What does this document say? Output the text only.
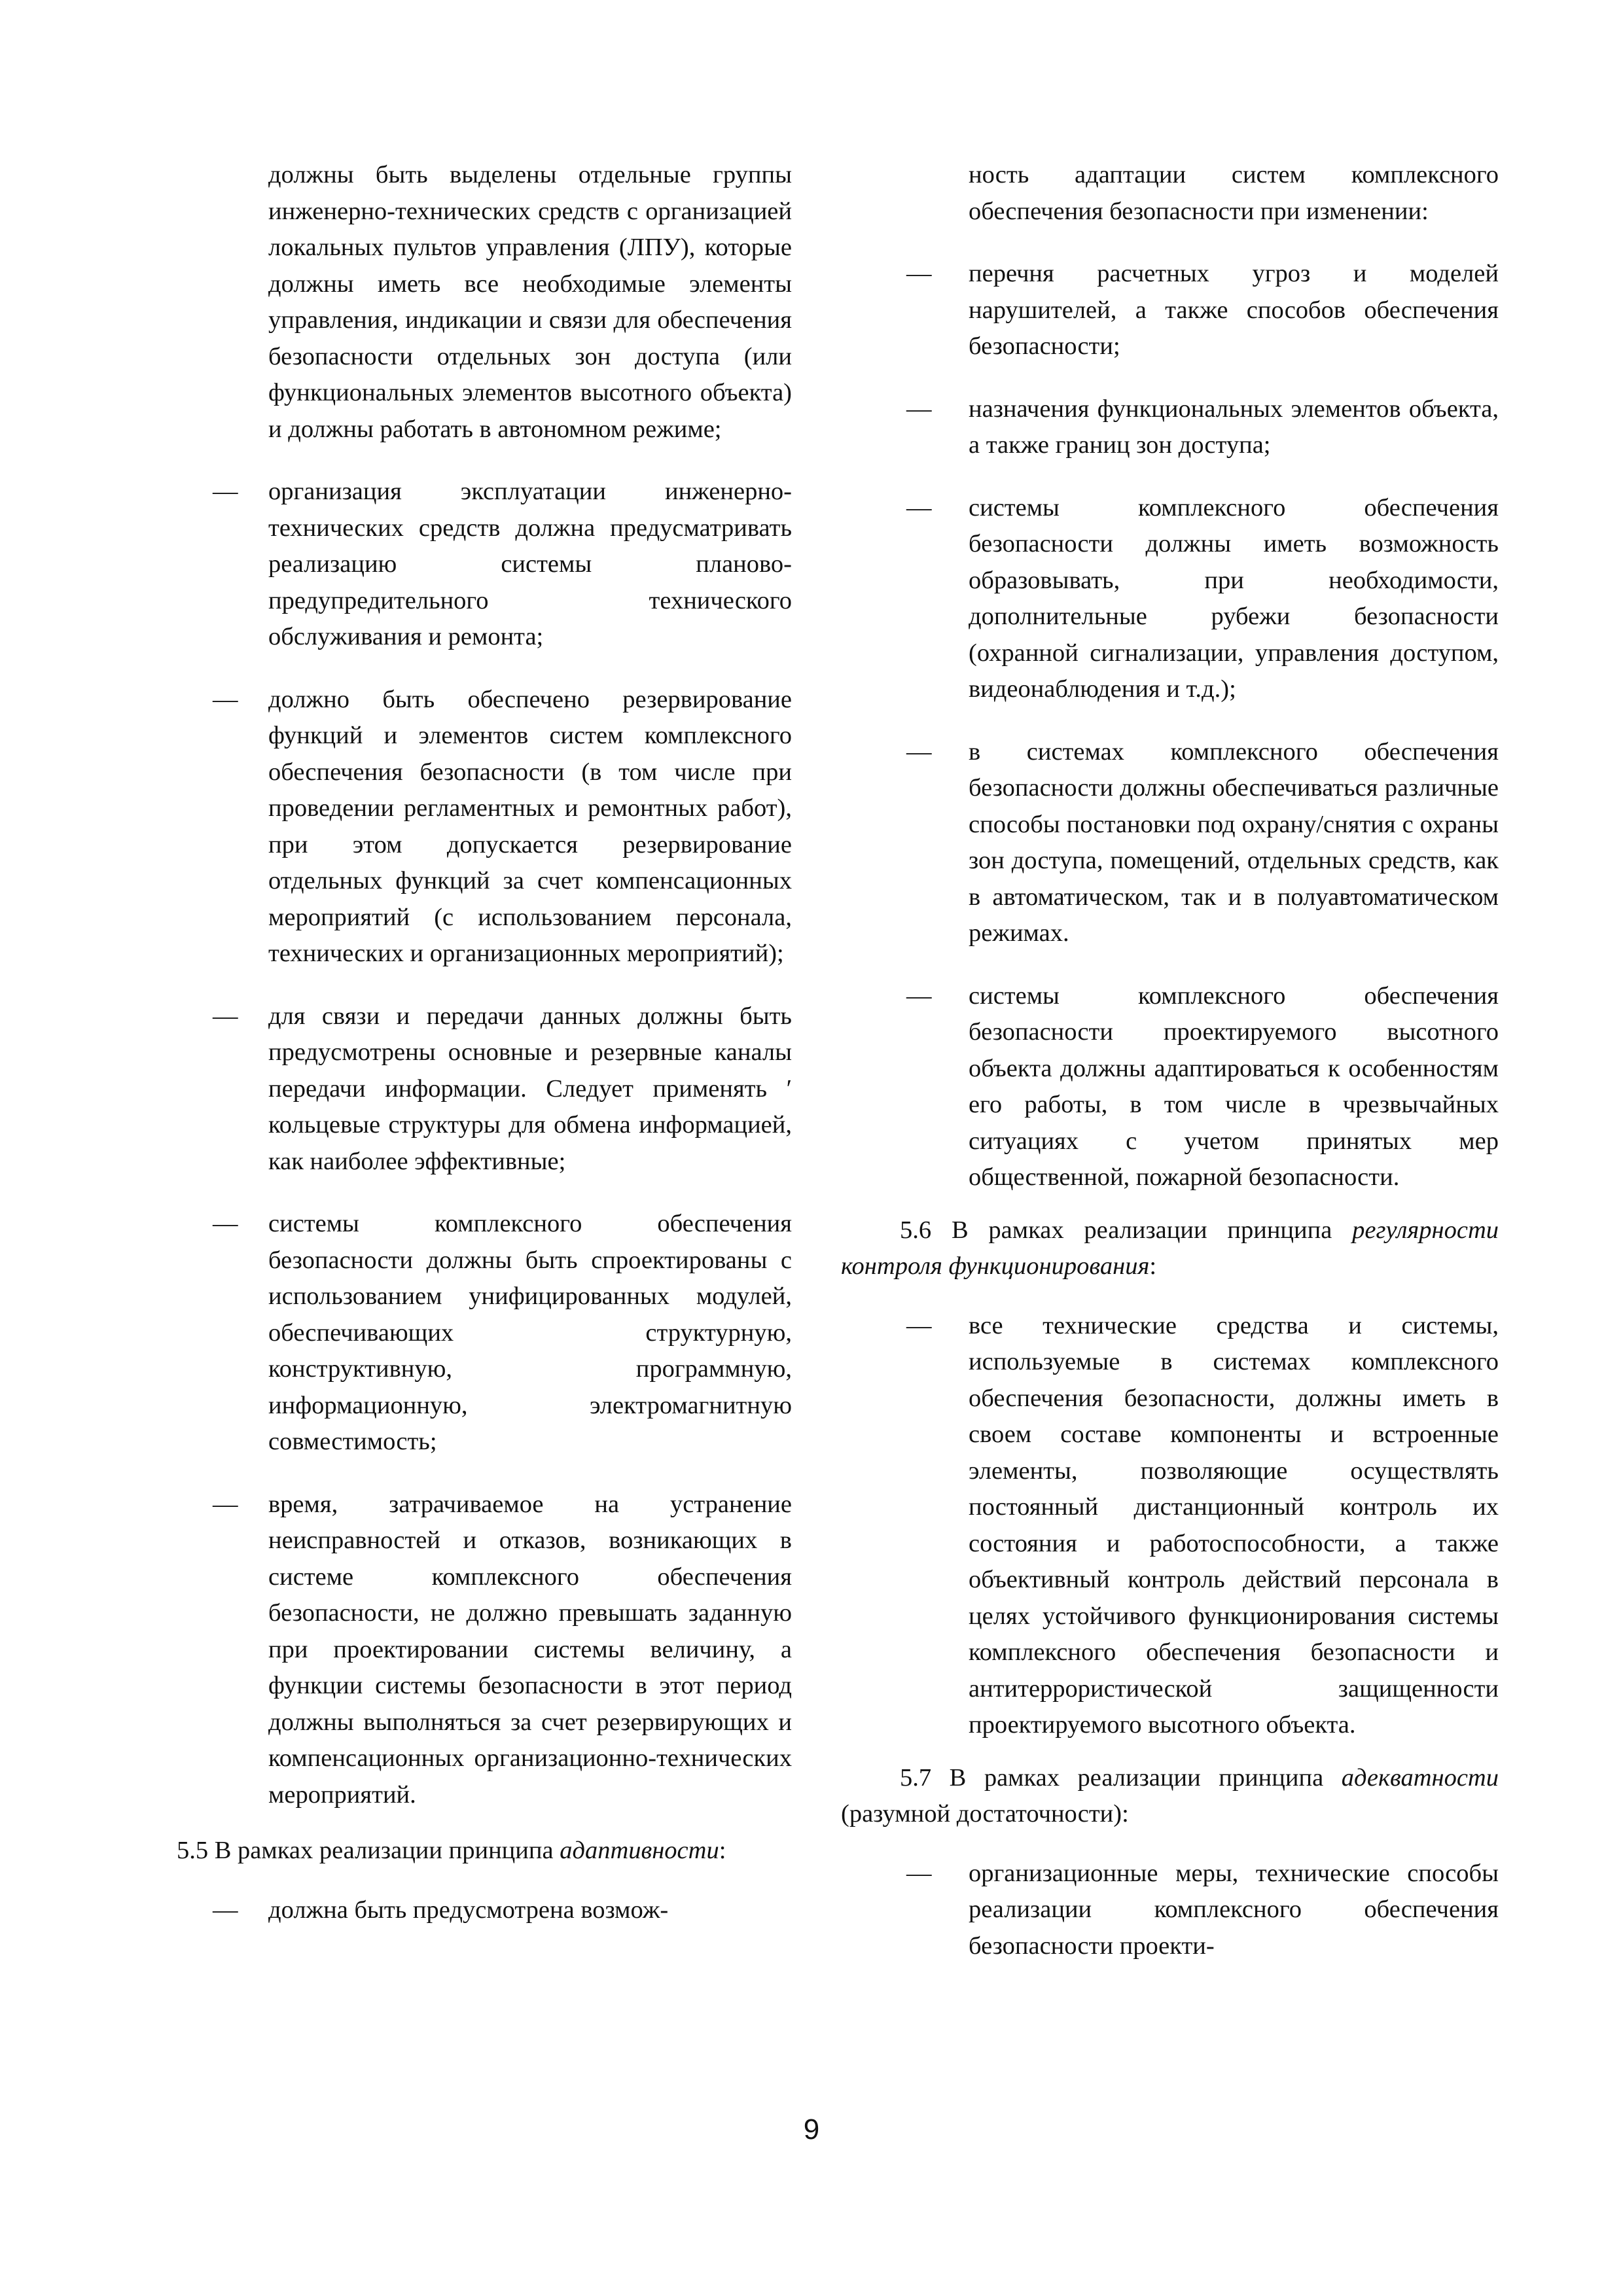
должны быть выделены отдельные группы инженерно-технических средств с организацией локальных пультов управления (ЛПУ), которые должны иметь все необходимые элементы управления, индикации и связи для обеспечения безопасности отдельных зон доступа (или функциональных элементов высотного объекта) и должны работать в автономном режиме;
— организация эксплуатации инженерно-технических средств должна предусматривать реализацию системы планово-предупредительного технического обслуживания и ремонта;
— должно быть обеспечено резервирование функций и элементов систем комплексного обеспечения безопасности (в том числе при проведении регламентных и ремонтных работ), при этом допускается резервирование отдельных функций за счет компенсационных мероприятий (с использованием персонала, технических и организационных мероприятий);
— для связи и передачи данных должны быть предусмотрены основные и резервные каналы передачи информации. Следует применять ′ кольцевые структуры для обмена информацией, как наиболее эффективные;
— системы комплексного обеспечения безопасности должны быть спроектированы с использованием унифицированных модулей, обеспечивающих структурную, конструктивную, программную, информационную, электромагнитную совместимость;
— время, затрачиваемое на устранение неисправностей и отказов, возникающих в системе комплексного обеспечения безопасности, не должно превышать заданную при проектировании системы величину, а функции системы безопасности в этот период должны выполняться за счет резервирующих и компенсационных организационно-технических мероприятий.
5.5 В рамках реализации принципа адаптивности:
— должна быть предусмотрена возмож-
ность адаптации систем комплексного обеспечения безопасности при изменении:
— перечня расчетных угроз и моделей нарушителей, а также способов обеспечения безопасности;
— назначения функциональных элементов объекта, а также границ зон доступа;
— системы комплексного обеспечения безопасности должны иметь возможность образовывать, при необходимости, дополнительные рубежи безопасности (охранной сигнализации, управления доступом, видеонаблюдения и т.д.);
— в системах комплексного обеспечения безопасности должны обеспечиваться различные способы постановки под охрану/снятия с охраны зон доступа, помещений, отдельных средств, как в автоматическом, так и в полуавтоматическом режимах.
— системы комплексного обеспечения безопасности проектируемого высотного объекта должны адаптироваться к особенностям его работы, в том числе в чрезвычайных ситуациях с учетом принятых мер общественной, пожарной безопасности.
5.6 В рамках реализации принципа регулярности контроля функционирования:
— все технические средства и системы, используемые в системах комплексного обеспечения безопасности, должны иметь в своем составе компоненты и встроенные элементы, позволяющие осуществлять постоянный дистанционный контроль их состояния и работоспособности, а также объективный контроль действий персонала в целях устойчивого функционирования системы комплексного обеспечения безопасности и антитеррористической защищенности проектируемого высотного объекта.
5.7 В рамках реализации принципа адекватности (разумной достаточности):
— организационные меры, технические способы реализации комплексного обеспечения безопасности проекти-
9
